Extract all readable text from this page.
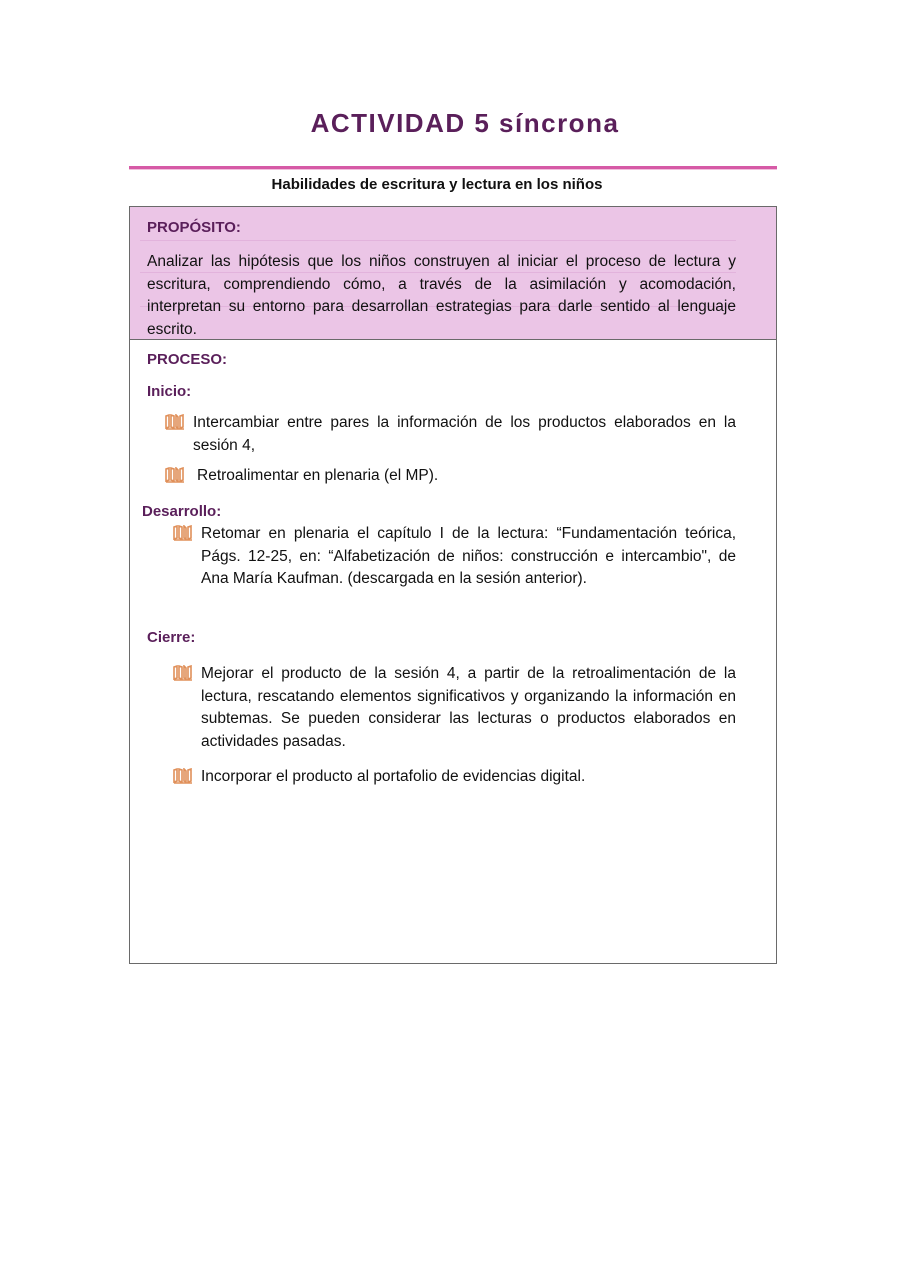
ACTIVIDAD 5 síncrona
Habilidades de escritura y lectura en los niños
PROPÓSITO:
Analizar las hipótesis que los niños construyen al iniciar el proceso de lectura y escritura, comprendiendo cómo, a través de la asimilación y acomodación, interpretan su entorno para desarrollan estrategias para darle sentido al lenguaje escrito.
PROCESO:
Inicio:
Intercambiar entre pares la información de los productos elaborados en la sesión 4,
Retroalimentar en plenaria (el MP).
Desarrollo:
Retomar en plenaria el capítulo I de la lectura: “Fundamentación teórica, Págs. 12-25, en: “Alfabetización de niños: construcción e intercambio", de Ana María Kaufman. (descargada en la sesión anterior).
Cierre:
Mejorar el producto de la sesión 4, a partir de la retroalimentación de la lectura, rescatando elementos significativos y organizando la información en subtemas. Se pueden considerar las lecturas o productos elaborados en actividades pasadas.
Incorporar el producto al portafolio de evidencias digital.
